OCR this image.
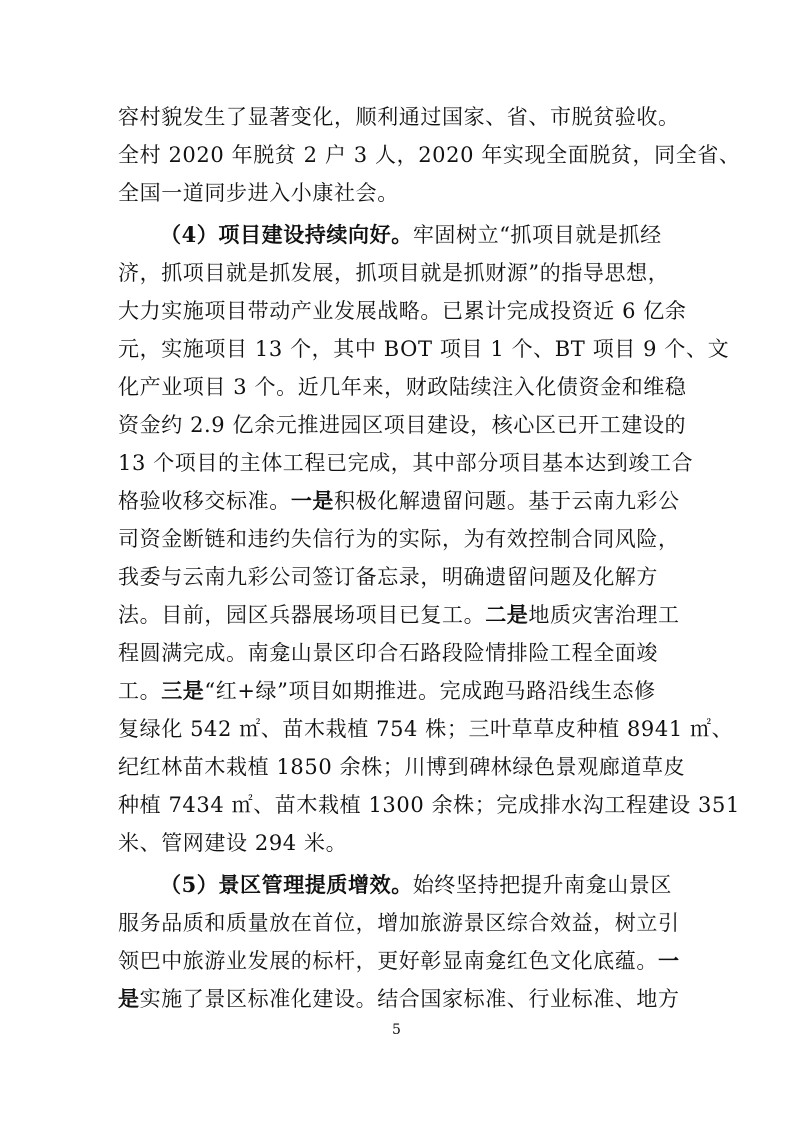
容村貌发生了显著变化，顺利通过国家、省、市脱贫验收。
全村 2020 年脱贫 2 户 3 人，2020 年实现全面脱贫，同全省、
全国一道同步进入小康社会。
（4）项目建设持续向好。牢固树立“抓项目就是抓经
济，抓项目就是抓发展，抓项目就是抓财源”的指导思想，
大力实施项目带动产业发展战略。已累计完成投资近 6 亿余
元，实施项目 13 个，其中 BOT 项目 1 个、BT 项目 9 个、文
化产业项目 3 个。近几年来，财政陆续注入化债资金和维稳
资金约 2.9 亿余元推进园区项目建设，核心区已开工建设的
13 个项目的主体工程已完成，其中部分项目基本达到竣工合
格验收移交标准。一是积极化解遗留问题。基于云南九彩公
司资金断链和违约失信行为的实际，为有效控制合同风险，
我委与云南九彩公司签订备忘录，明确遗留问题及化解方
法。目前，园区兵器展场项目已复工。二是地质灾害治理工
程圆满完成。南龛山景区印合石路段险情排险工程全面竣
工。三是“红+绿”项目如期推进。完成跑马路沿线生态修
复绿化 542 ㎡、苗木栽植 754 株；三叶草草皮种植 8941 ㎡、
纪红林苗木栽植 1850 余株；川博到碑林绿色景观廊道草皮
种植 7434 ㎡、苗木栽植 1300 余株；完成排水沟工程建设 351
米、管网建设 294 米。
（5）景区管理提质增效。始终坚持把提升南龛山景区
服务品质和质量放在首位，增加旅游景区综合效益，树立引
领巴中旅游业发展的标杆，更好彰显南龛红色文化底蕴。一
是实施了景区标准化建设。结合国家标准、行业标准、地方
5
